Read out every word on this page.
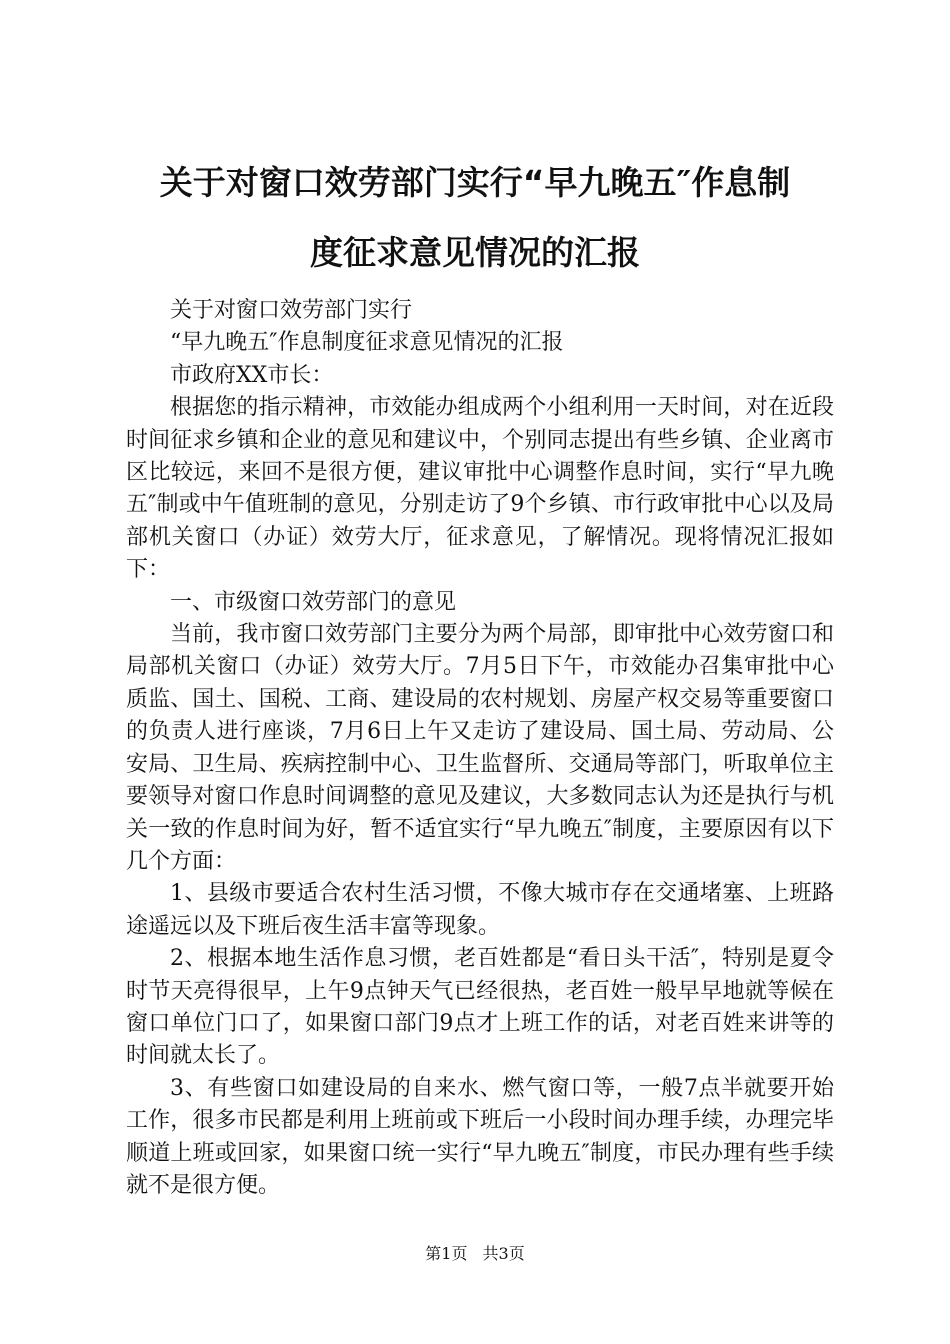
关于对窗口效劳部门实行“早九晚五″作息制
度征求意见情况的汇报

关于对窗口效劳部门实行

“早九晚五″作息制度征求意见情况的汇报

市政府XX市长：

根据您的指示精神，市效能办组成两个小组利用一天时间，对在近段时间征求乡镇和企业的意见和建议中，个别同志提出有些乡镇、企业离市区比较远，来回不是很方便，建议审批中心调整作息时间，实行“早九晚五″制或中午值班制的意见，分别走访了9个乡镇、市行政审批中心以及局部机关窗口（办证）效劳大厅，征求意见，了解情况。现将情况汇报如下：

一、市级窗口效劳部门的意见

当前，我市窗口效劳部门主要分为两个局部，即审批中心效劳窗口和局部机关窗口（办证）效劳大厅。7月5日下午，市效能办召集审批中心质监、国土、国税、工商、建设局的农村规划、房屋产权交易等重要窗口的负责人进行座谈，7月6日上午又走访了建设局、国土局、劳动局、公安局、卫生局、疾病控制中心、卫生监督所、交通局等部门，听取单位主要领导对窗口作息时间调整的意见及建议，大多数同志认为还是执行与机关一致的作息时间为好，暂不适宜实行“早九晚五″制度，主要原因有以下几个方面：

1、县级市要适合农村生活习惯，不像大城市存在交通堵塞、上班路途遥远以及下班后夜生活丰富等现象。

2、根据本地生活作息习惯，老百姓都是“看日头干活″，特别是夏令时节天亮得很早，上午9点钟天气已经很热，老百姓一般早早地就等候在窗口单位门口了，如果窗口部门9点才上班工作的话，对老百姓来讲等的时间就太长了。

3、有些窗口如建设局的自来水、燃气窗口等，一般7点半就要开始工作，很多市民都是利用上班前或下班后一小段时间办理手续，办理完毕顺道上班或回家，如果窗口统一实行“早九晚五″制度，市民办理有些手续就不是很方便。

第1页 共3页
